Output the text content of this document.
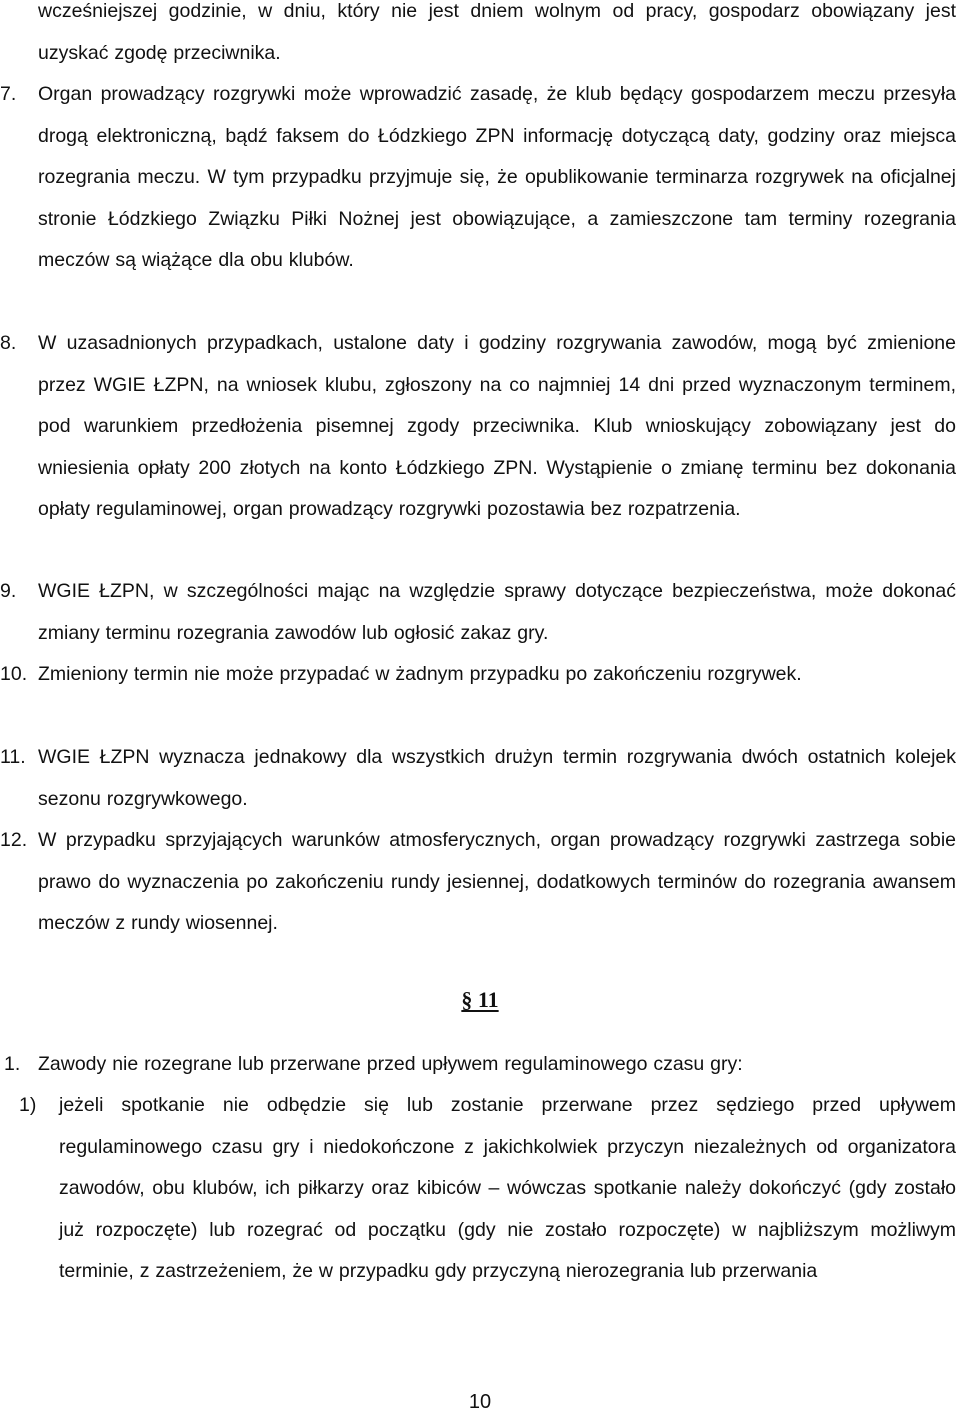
wcześniejszej godzinie, w dniu, który nie jest dniem wolnym od pracy, gospodarz obowiązany jest uzyskać zgodę przeciwnika.
7.	Organ prowadzący rozgrywki może wprowadzić zasadę, że klub będący gospodarzem meczu przesyła drogą elektroniczną, bądź faksem do Łódzkiego ZPN informację dotyczącą daty, godziny oraz miejsca rozegrania meczu. W tym przypadku przyjmuje się, że opublikowanie terminarza rozgrywek na oficjalnej stronie Łódzkiego Związku Piłki Nożnej jest obowiązujące, a zamieszczone tam terminy rozegrania meczów są wiążące dla obu klubów.
8.	W uzasadnionych przypadkach, ustalone daty i godziny rozgrywania zawodów, mogą być zmienione przez WGIE ŁZPN, na wniosek klubu, zgłoszony na co najmniej 14 dni przed wyznaczonym terminem, pod warunkiem przedłożenia pisemnej zgody przeciwnika. Klub wnioskujący zobowiązany jest do wniesienia opłaty 200 złotych na konto Łódzkiego ZPN. Wystąpienie o zmianę terminu bez dokonania opłaty regulaminowej, organ prowadzący rozgrywki pozostawia bez rozpatrzenia.
9.	WGIE ŁZPN, w szczególności mając na względzie sprawy dotyczące bezpieczeństwa, może dokonać zmiany terminu rozegrania zawodów lub ogłosić zakaz gry.
10. Zmieniony termin nie może przypadać w żadnym przypadku po zakończeniu rozgrywek.
11. WGIE ŁZPN wyznacza jednakowy dla wszystkich drużyn termin rozgrywania dwóch ostatnich kolejek sezonu rozgrywkowego.
12. W przypadku sprzyjających warunków atmosferycznych, organ prowadzący rozgrywki zastrzega sobie prawo do wyznaczenia po zakończeniu rundy jesiennej, dodatkowych terminów do rozegrania awansem meczów z rundy wiosennej.
§ 11
1. Zawody nie rozegrane lub przerwane przed upływem regulaminowego czasu gry:
1) jeżeli spotkanie nie odbędzie się lub zostanie przerwane przez sędziego przed upływem regulaminowego czasu gry i niedokończone z jakichkolwiek przyczyn niezależnych od organizatora zawodów, obu klubów, ich piłkarzy oraz kibiców – wówczas spotkanie należy dokończyć (gdy zostało już rozpoczęte) lub rozegrać od początku (gdy nie zostało rozpoczęte) w najbliższym możliwym terminie, z zastrzeżeniem, że w przypadku gdy przyczyną nierozegrania lub przerwania
10
